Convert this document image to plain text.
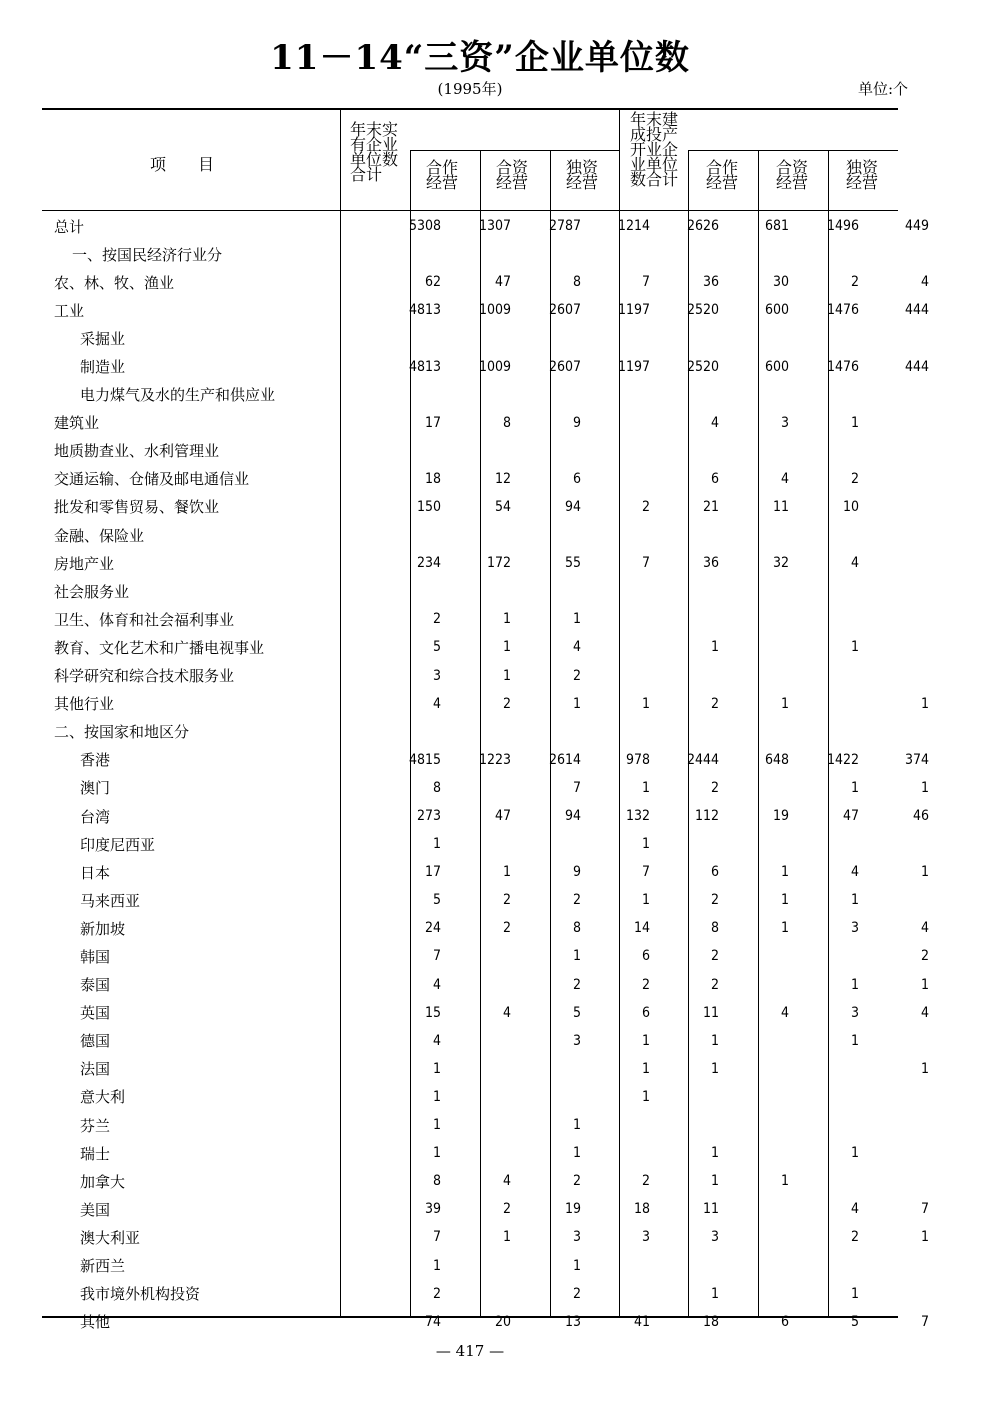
11－14“三资”企业单位数
(1995年)	单位:个
项　　目
年末实
有企业
单位数
合计	合作
经营
合资
经营
独资
经营
年末建
成投产
开业企
业单位
数合计
合作
经营
合资
经营
独资
经营
总计	5308	1307	2787	1214	2626	681	1496	449
一、按国民经济行业分								
农、林、牧、渔业	62	47	8	7	36	30	2	4
工业	4813	1009	2607	1197	2520	600	1476	444
采掘业								
制造业	4813	1009	2607	1197	2520	600	1476	444
电力煤气及水的生产和供应业								
建筑业	17	8	9		4	3	1	
地质勘查业、水利管理业								
交通运输、仓储及邮电通信业	18	12	6		6	4	2	
批发和零售贸易、餐饮业	150	54	94	2	21	11	10	
金融、保险业								
房地产业	234	172	55	7	36	32	4	
社会服务业								
卫生、体育和社会福利事业	2	1	1					
教育、文化艺术和广播电视事业	5	1	4		1		1	
科学研究和综合技术服务业	3	1	2					
其他行业	4	2	1	1	2	1		1
二、按国家和地区分								
香港	4815	1223	2614	978	2444	648	1422	374
澳门	8		7	1	2		1	1
台湾	273	47	94	132	112	19	47	46
印度尼西亚	1			1				
日本	17	1	9	7	6	1	4	1
马来西亚	5	2	2	1	2	1	1	
新加坡	24	2	8	14	8	1	3	4
韩国	7		1	6	2			2
泰国	4		2	2	2		1	1
英国	15	4	5	6	11	4	3	4
德国	4		3	1	1		1	
法国	1			1	1			1
意大利	1			1				
芬兰	1		1					
瑞士	1		1		1		1	
加拿大	8	4	2	2	1	1		
美国	39	2	19	18	11		4	7
澳大利亚	7	1	3	3	3		2	1
新西兰	1		1					
我市境外机构投资	2		2		1		1	
其他	74	20	13	41	18	6	5	7
— 417 —
